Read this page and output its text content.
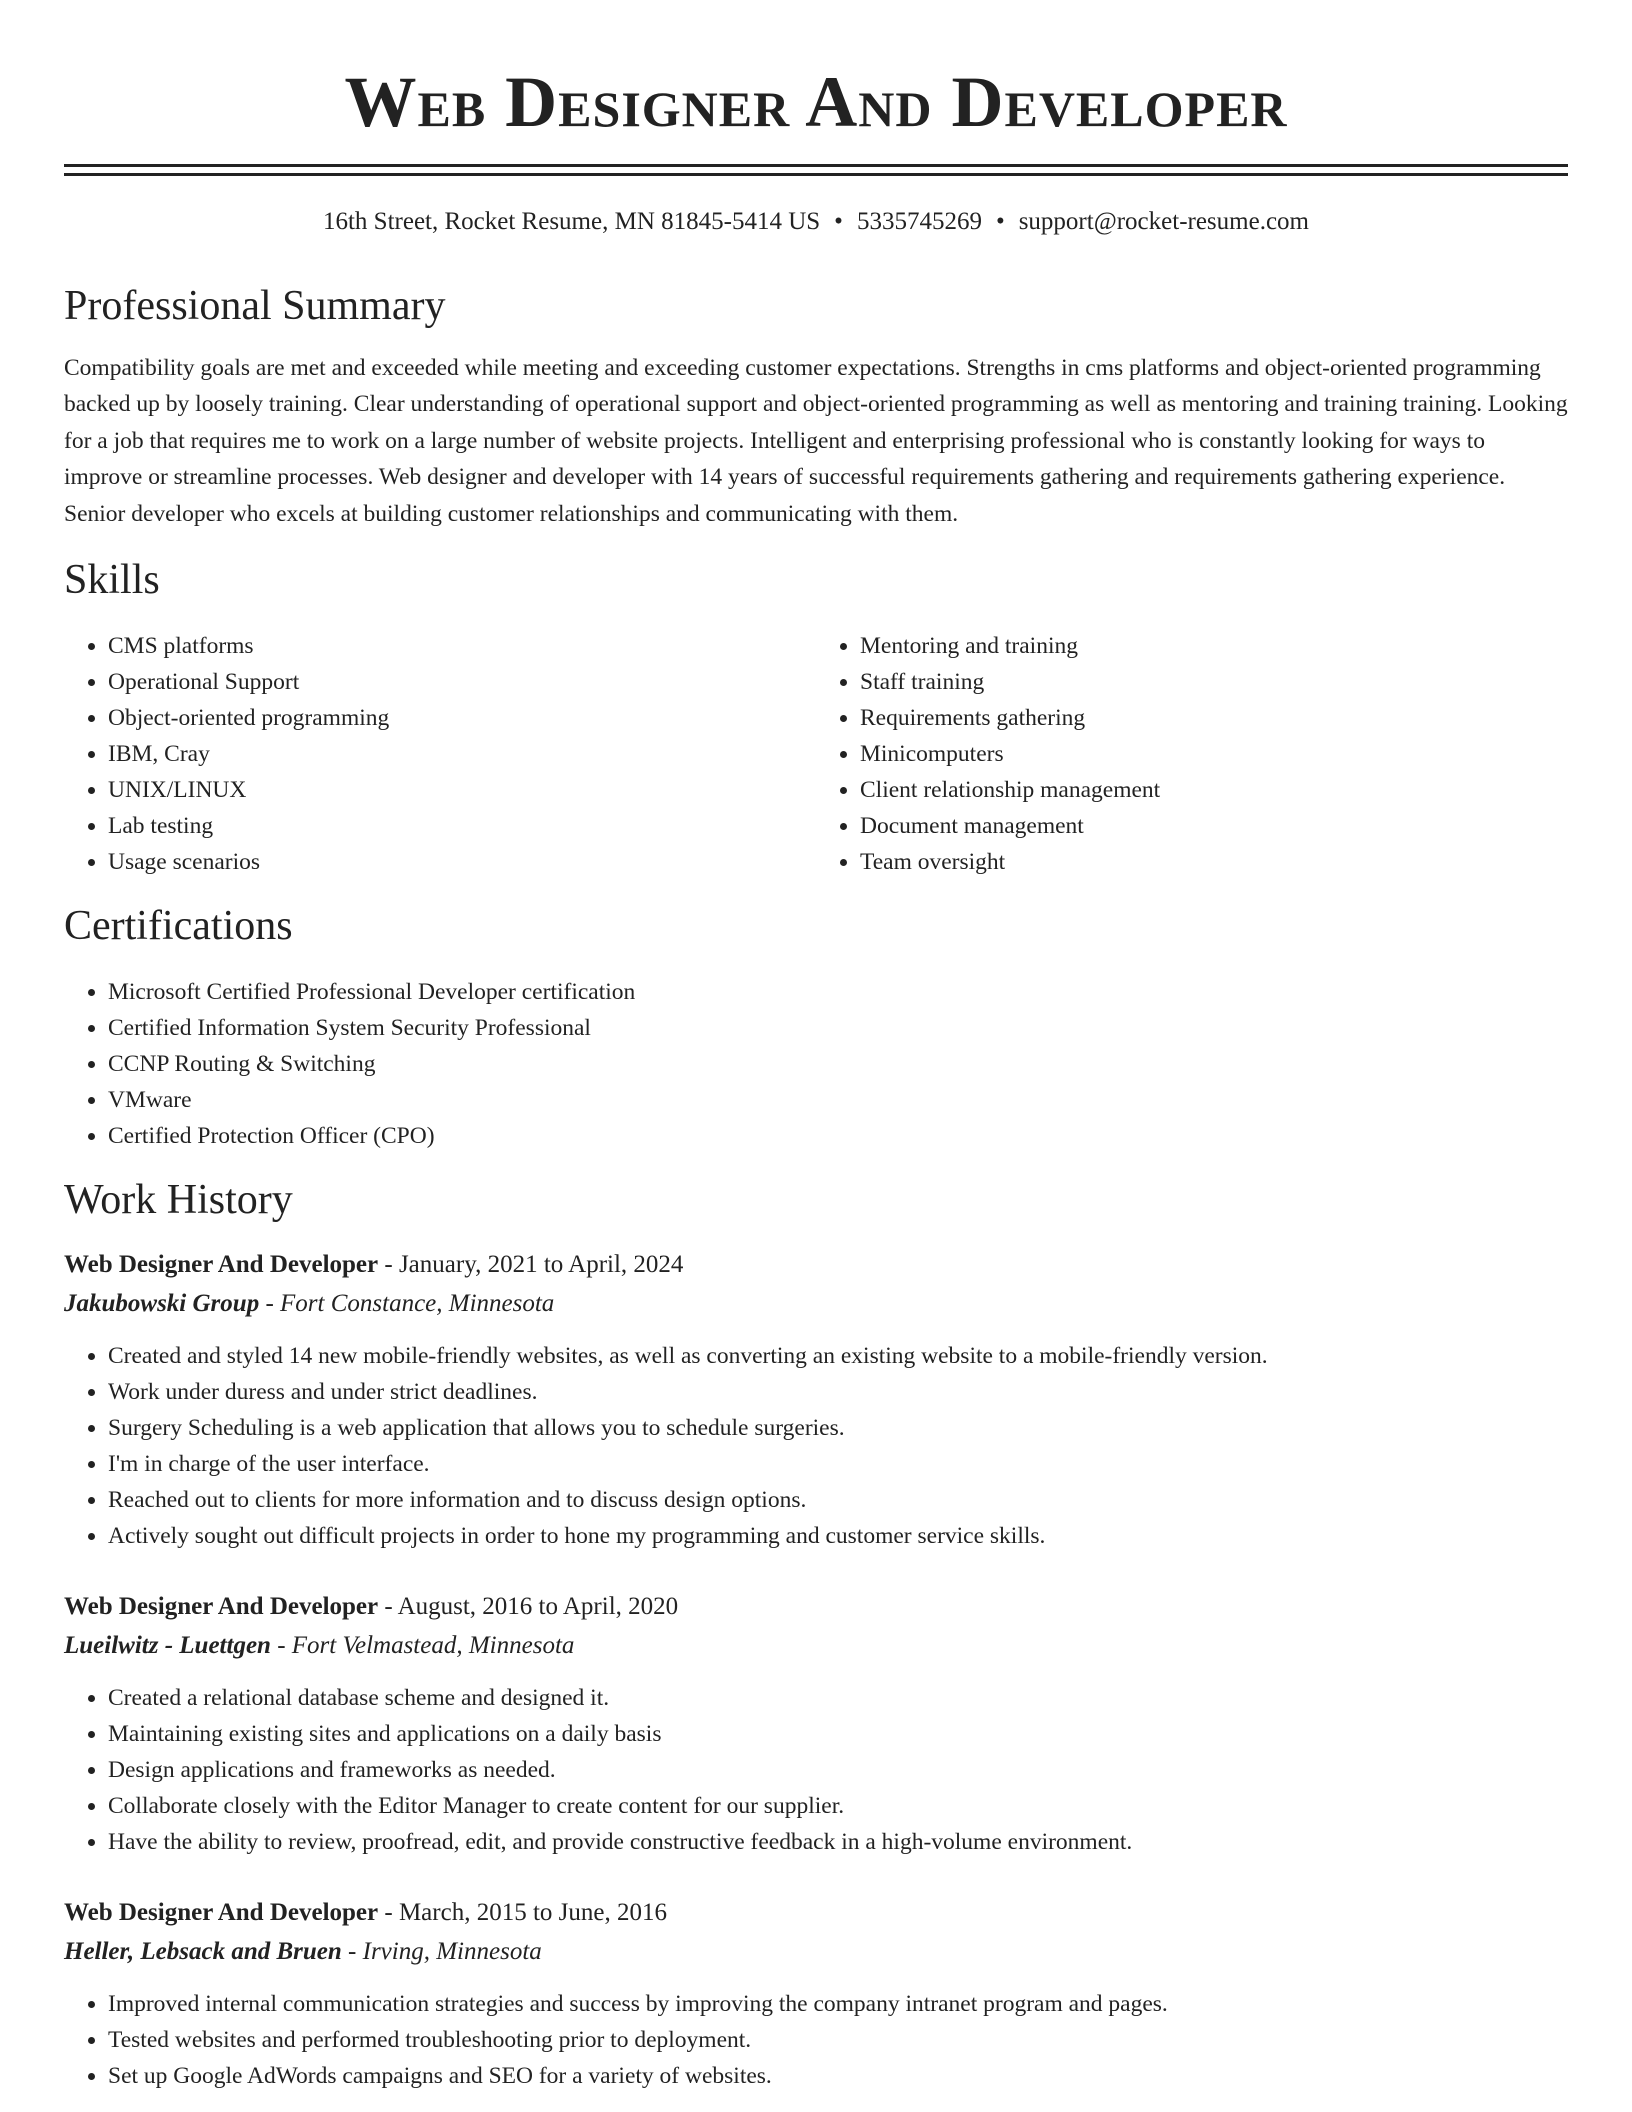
Web Designer And Developer
16th Street, Rocket Resume, MN 81845-5414 US • 5335745269 • support@rocket-resume.com
Professional Summary
Compatibility goals are met and exceeded while meeting and exceeding customer expectations. Strengths in cms platforms and object-oriented programming backed up by loosely training. Clear understanding of operational support and object-oriented programming as well as mentoring and training training. Looking for a job that requires me to work on a large number of website projects. Intelligent and enterprising professional who is constantly looking for ways to improve or streamline processes. Web designer and developer with 14 years of successful requirements gathering and requirements gathering experience. Senior developer who excels at building customer relationships and communicating with them.
Skills
• CMS platforms
• Operational Support
• Object-oriented programming
• IBM, Cray
• UNIX/LINUX
• Lab testing
• Usage scenarios
• Mentoring and training
• Staff training
• Requirements gathering
• Minicomputers
• Client relationship management
• Document management
• Team oversight
Certifications
• Microsoft Certified Professional Developer certification
• Certified Information System Security Professional
• CCNP Routing & Switching
• VMware
• Certified Protection Officer (CPO)
Work History
Web Designer And Developer - January, 2021 to April, 2024
Jakubowski Group - Fort Constance, Minnesota
• Created and styled 14 new mobile-friendly websites, as well as converting an existing website to a mobile-friendly version.
• Work under duress and under strict deadlines.
• Surgery Scheduling is a web application that allows you to schedule surgeries.
• I'm in charge of the user interface.
• Reached out to clients for more information and to discuss design options.
• Actively sought out difficult projects in order to hone my programming and customer service skills.
Web Designer And Developer - August, 2016 to April, 2020
Lueilwitz - Luettgen - Fort Velmastead, Minnesota
• Created a relational database scheme and designed it.
• Maintaining existing sites and applications on a daily basis
• Design applications and frameworks as needed.
• Collaborate closely with the Editor Manager to create content for our supplier.
• Have the ability to review, proofread, edit, and provide constructive feedback in a high-volume environment.
Web Designer And Developer - March, 2015 to June, 2016
Heller, Lebsack and Bruen - Irving, Minnesota
• Improved internal communication strategies and success by improving the company intranet program and pages.
• Tested websites and performed troubleshooting prior to deployment.
• Set up Google AdWords campaigns and SEO for a variety of websites.
